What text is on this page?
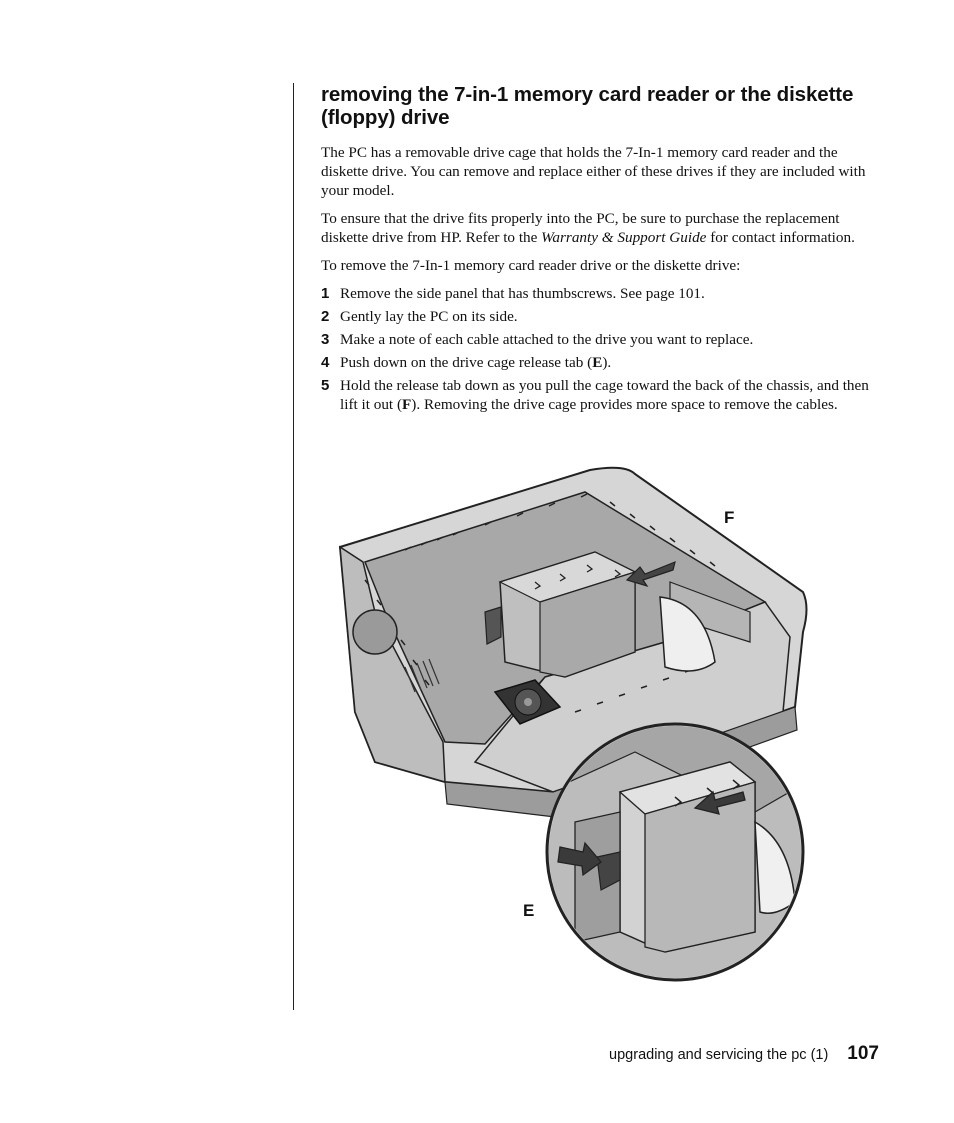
removing the 7-in-1 memory card reader or the diskette (floppy) drive

The PC has a removable drive cage that holds the 7-In-1 memory card reader and the diskette drive. You can remove and replace either of these drives if they are included with your model.

To ensure that the drive fits properly into the PC, be sure to purchase the replacement diskette drive from HP. Refer to the Warranty & Support Guide for contact information.

To remove the 7-In-1 memory card reader drive or the diskette drive:

1 Remove the side panel that has thumbscrews. See page 101.
2 Gently lay the PC on its side.
3 Make a note of each cable attached to the drive you want to replace.
4 Push down on the drive cage release tab (E).
5 Hold the release tab down as you pull the cage toward the back of the chassis, and then lift it out (F). Removing the drive cage provides more space to remove the cables.
F
E
upgrading and servicing the pc (1) 107
